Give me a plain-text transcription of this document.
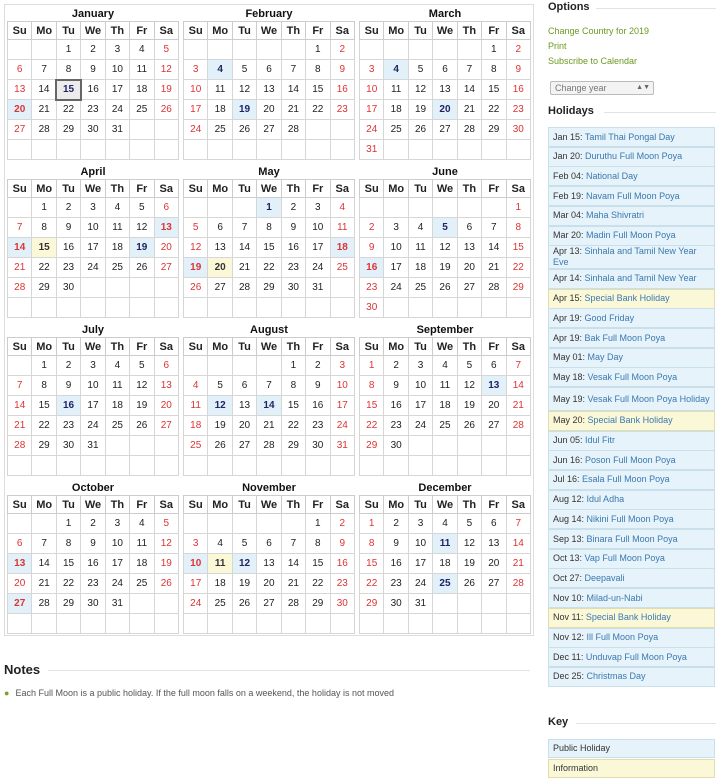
January
Su	Mo	Tu	We	Th	Fr	Sa
		1	2	3	4	5
6	7	8	9	10	11	12
13	14	15	16	17	18	19
20	21	22	23	24	25	26
27	28	29	30	31		

February
Su	Mo	Tu	We	Th	Fr	Sa
					1	2
3	4	5	6	7	8	9
10	11	12	13	14	15	16
17	18	19	20	21	22	23
24	25	26	27	28		

March
Su	Mo	Tu	We	Th	Fr	Sa
					1	2
3	4	5	6	7	8	9
10	11	12	13	14	15	16
17	18	19	20	21	22	23
24	25	26	27	28	29	30
31						
April
Su	Mo	Tu	We	Th	Fr	Sa
	1	2	3	4	5	6
7	8	9	10	11	12	13
14	15	16	17	18	19	20
21	22	23	24	25	26	27
28	29	30				

May
Su	Mo	Tu	We	Th	Fr	Sa
			1	2	3	4
5	6	7	8	9	10	11
12	13	14	15	16	17	18
19	20	21	22	23	24	25
26	27	28	29	30	31	

June
Su	Mo	Tu	We	Th	Fr	Sa
						1
2	3	4	5	6	7	8
9	10	11	12	13	14	15
16	17	18	19	20	21	22
23	24	25	26	27	28	29
30						
July
Su	Mo	Tu	We	Th	Fr	Sa
	1	2	3	4	5	6
7	8	9	10	11	12	13
14	15	16	17	18	19	20
21	22	23	24	25	26	27
28	29	30	31			

August
Su	Mo	Tu	We	Th	Fr	Sa
				1	2	3
4	5	6	7	8	9	10
11	12	13	14	15	16	17
18	19	20	21	22	23	24
25	26	27	28	29	30	31

September
Su	Mo	Tu	We	Th	Fr	Sa
1	2	3	4	5	6	7
8	9	10	11	12	13	14
15	16	17	18	19	20	21
22	23	24	25	26	27	28
29	30					

October
Su	Mo	Tu	We	Th	Fr	Sa
		1	2	3	4	5
6	7	8	9	10	11	12
13	14	15	16	17	18	19
20	21	22	23	24	25	26
27	28	29	30	31		

November
Su	Mo	Tu	We	Th	Fr	Sa
					1	2
3	4	5	6	7	8	9
10	11	12	13	14	15	16
17	18	19	20	21	22	23
24	25	26	27	28	29	30

December
Su	Mo	Tu	We	Th	Fr	Sa
1	2	3	4	5	6	7
8	9	10	11	12	13	14
15	16	17	18	19	20	21
22	23	24	25	26	27	28
29	30	31				

Notes
● Each Full Moon is a public holiday. If the full moon falls on a weekend, the holiday is not moved
Options
Change Country for 2019
Print
Subscribe to Calendar
Change year	▲▼
Holidays
Jan 15: Tamil Thai Pongal Day
Jan 20: Duruthu Full Moon Poya
Feb 04: National Day
Feb 19: Navam Full Moon Poya
Mar 04: Maha Shivratri
Mar 20: Madin Full Moon Poya
Apr 13: Sinhala and Tamil New Year Eve
Apr 14: Sinhala and Tamil New Year
Apr 15: Special Bank Holiday
Apr 19: Good Friday
Apr 19: Bak Full Moon Poya
May 01: May Day
May 18: Vesak Full Moon Poya
May 19: Vesak Full Moon Poya Holiday
May 20: Special Bank Holiday
Jun 05: Idul Fitr
Jun 16: Poson Full Moon Poya
Jul 16: Esala Full Moon Poya
Aug 12: Idul Adha
Aug 14: Nikini Full Moon Poya
Sep 13: Binara Full Moon Poya
Oct 13: Vap Full Moon Poya
Oct 27: Deepavali
Nov 10: Milad-un-Nabi
Nov 11: Special Bank Holiday
Nov 12: Ill Full Moon Poya
Dec 11: Unduvap Full Moon Poya
Dec 25: Christmas Day
Key
Public Holiday
Information
